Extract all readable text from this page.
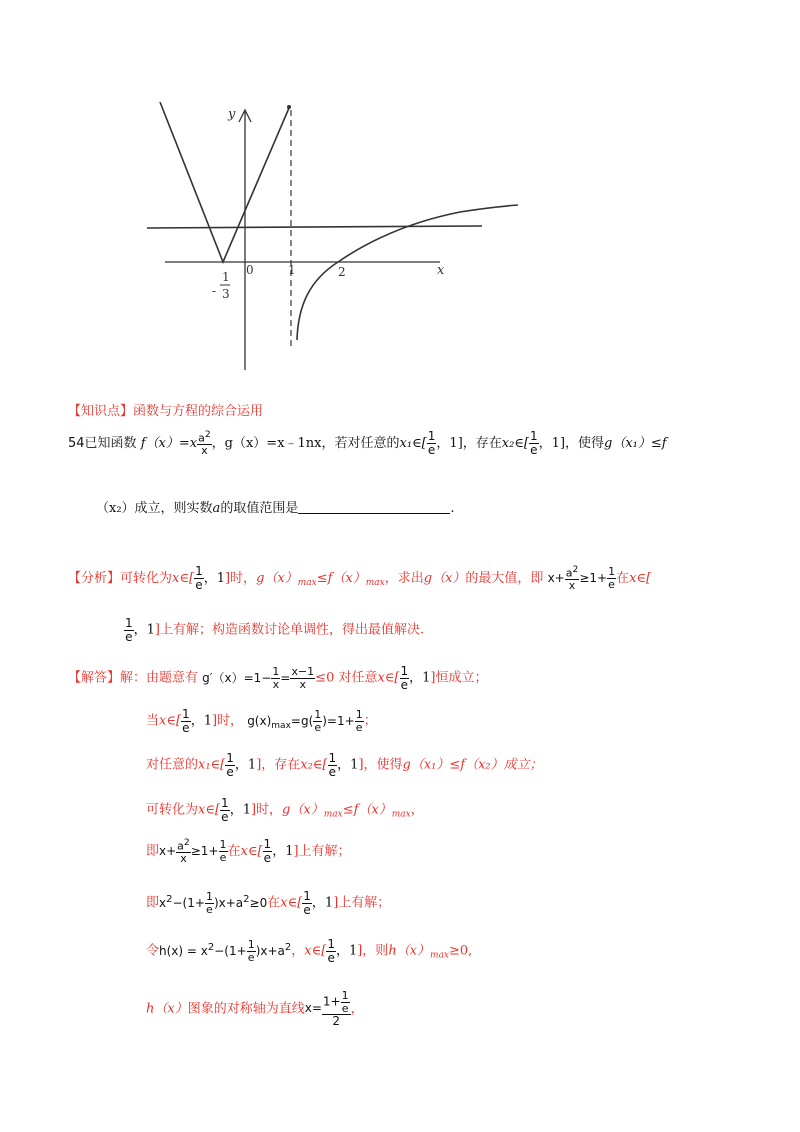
y
x
0	1	2
-
1
3
【知识点】函数与方程的综合运用
54已知函数 $f(x)=x \frac{a^2}{x}$ ，g（x）=x﹣1nx，若对任意的x₁∈[ $\frac{1}{e}$ ，1]，存在x₂∈[ $\frac{1}{e}$ ，1]，使得g（x₁）≤f
（x₂）成立，则实数a的取值范围是	.
【分析】可转化为x∈[ $\frac{1}{e}$ ，1]时，$g(x)_{max}\le f(x)_{max}$，求出g（x）的最大值，即 $x+ \frac{a^2}{x} \ge 1+ \frac{1}{e}$ 在x∈[
$\frac{1}{e}$ ，1]上有解；构造函数讨论单调性，得出最值解决.
【解答】解：由题意有 $g'(x)=1- \frac{1}{x} = \frac{x-1}{x} \le 0$ 对任意x∈[ $\frac{1}{e}$ ，1]恒成立；
当x∈[ $\frac{1}{e}$ ，1]时， $g(x)_{max}=g( \frac{1}{e} )=1+ \frac{1}{e}$ ；
对任意的x₁∈[ $\frac{1}{e}$ ，1]，存在x₂∈[ $\frac{1}{e}$ ，1]，使得g（x₁）≤f（x₂）成立；
可转化为x∈[ $\frac{1}{e}$ ，1]时，$g(x)_{max}\le f(x)_{max}$，
即$x+ \frac{a^2}{x} \ge 1+ \frac{1}{e}$ 在x∈[ $\frac{1}{e}$ ，1]上有解；
即$x^2-(1+ \frac{1}{e} )x+a^2\ge 0$在x∈[ $\frac{1}{e}$ ，1]上有解；
令$h(x) = x^2-(1+ \frac{1}{e} )x+a^2$，x∈[ $\frac{1}{e}$ ，1]，则$h(x)_{max}\ge 0$,
h（x）图象的对称轴为直线$x= \frac{1+ \frac{1}{e}}{2}$ ，
